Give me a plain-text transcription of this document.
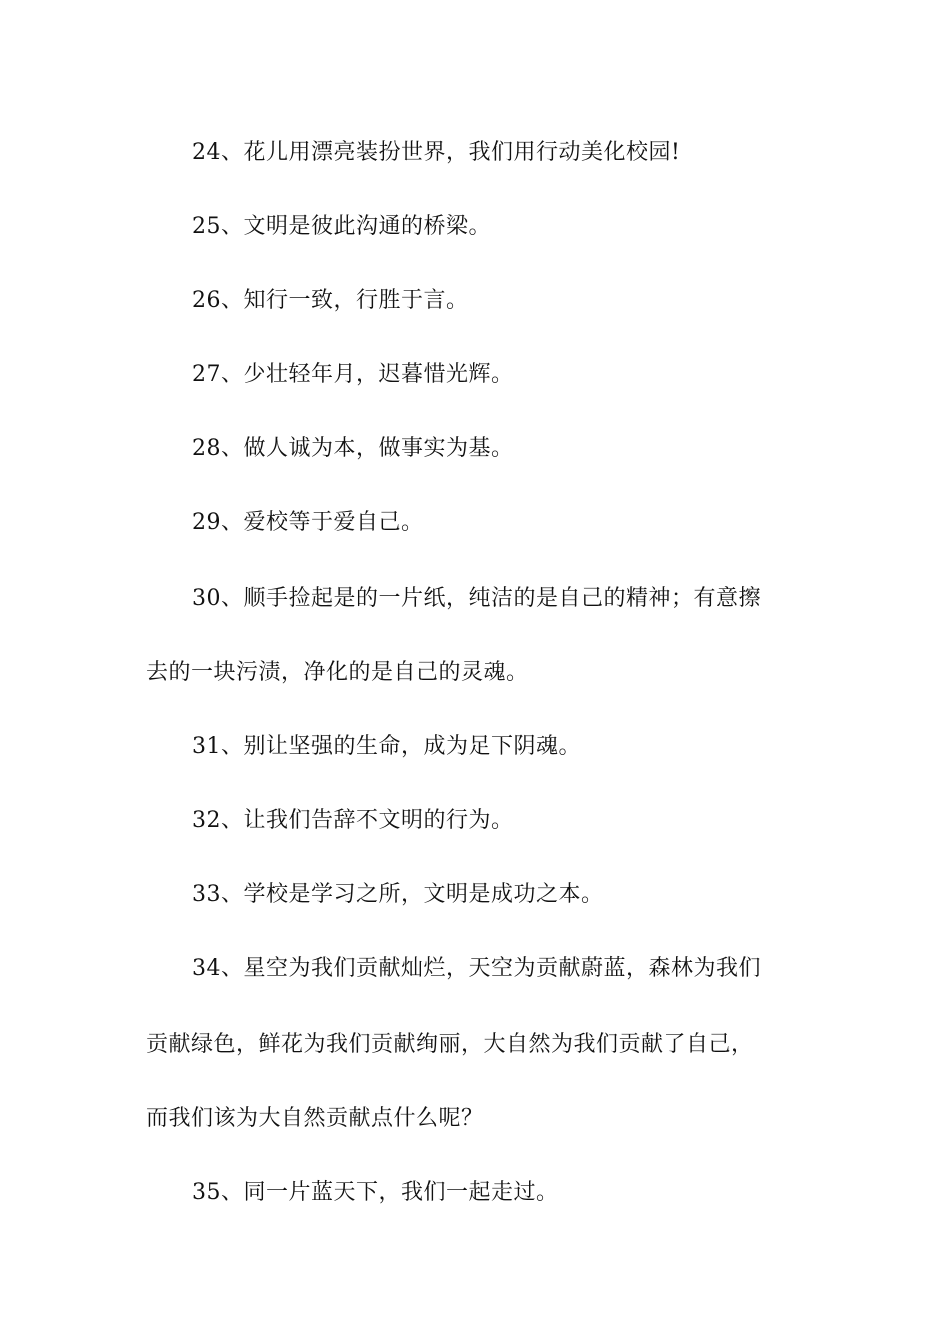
24、花儿用漂亮装扮世界，我们用行动美化校园!
25、文明是彼此沟通的桥梁。
26、知行一致，行胜于言。
27、少壮轻年月，迟暮惜光辉。
28、做人诚为本，做事实为基。
29、爱校等于爱自己。
30、顺手捡起是的一片纸，纯洁的是自己的精神；有意擦
去的一块污渍，净化的是自己的灵魂。
31、别让坚强的生命，成为足下阴魂。
32、让我们告辞不文明的行为。
33、学校是学习之所，文明是成功之本。
34、星空为我们贡献灿烂，天空为贡献蔚蓝，森林为我们
贡献绿色，鲜花为我们贡献绚丽，大自然为我们贡献了自己，
而我们该为大自然贡献点什么呢？
35、同一片蓝天下，我们一起走过。
